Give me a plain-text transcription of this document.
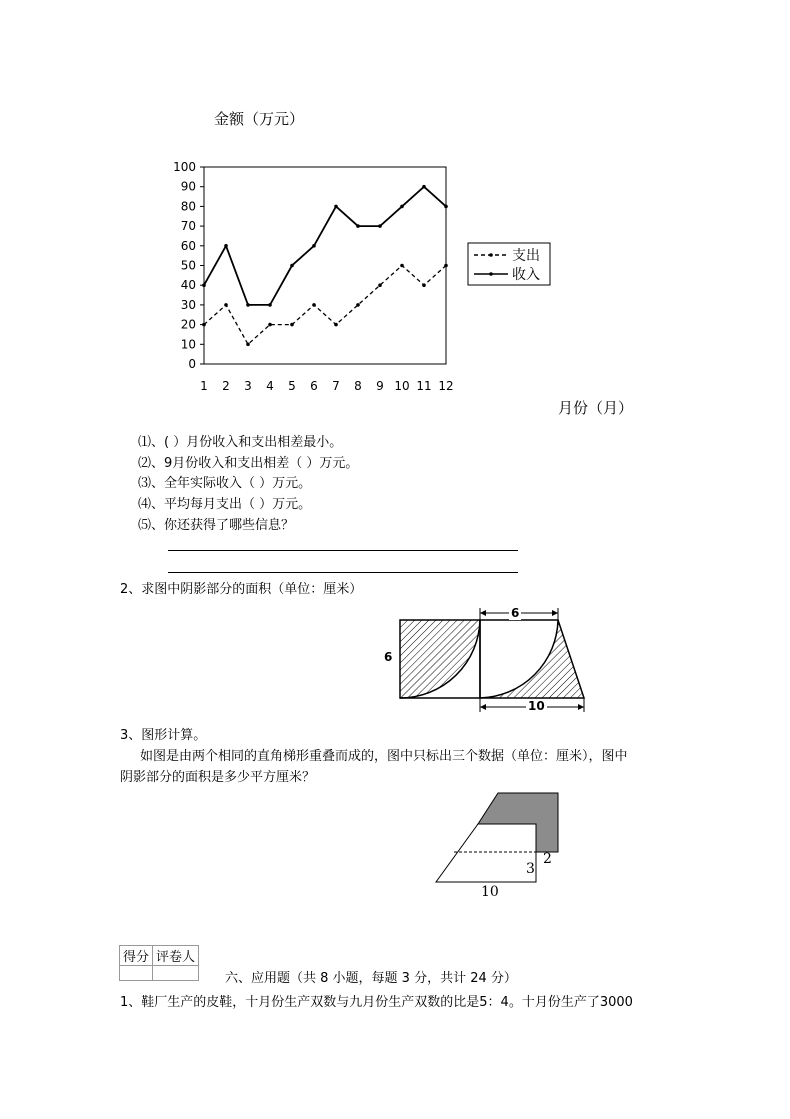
金额（万元）
0
10
20
30
40
50
60
70
80
90
100
1 2 3 4 5 6 7 8 9 10 11 12
支出
收入
月份（月）
⑴、( ）月份收入和支出相差最小。
⑵、9月份收入和支出相差（ ）万元。
⑶、全年实际收入（ ）万元。
⑷、平均每月支出（ ）万元。
⑸、你还获得了哪些信息？
2、求图中阴影部分的面积（单位：厘米）
6
6
10
3、图形计算。
如图是由两个相同的直角梯形重叠而成的，图中只标出三个数据（单位：厘米），图中
阴影部分的面积是多少平方厘米？
2
3
10
得分	评卷人

六、应用题（共 8 小题，每题 3 分，共计 24 分）
1、鞋厂生产的皮鞋，十月份生产双数与九月份生产双数的比是5：4。十月份生产了3000
